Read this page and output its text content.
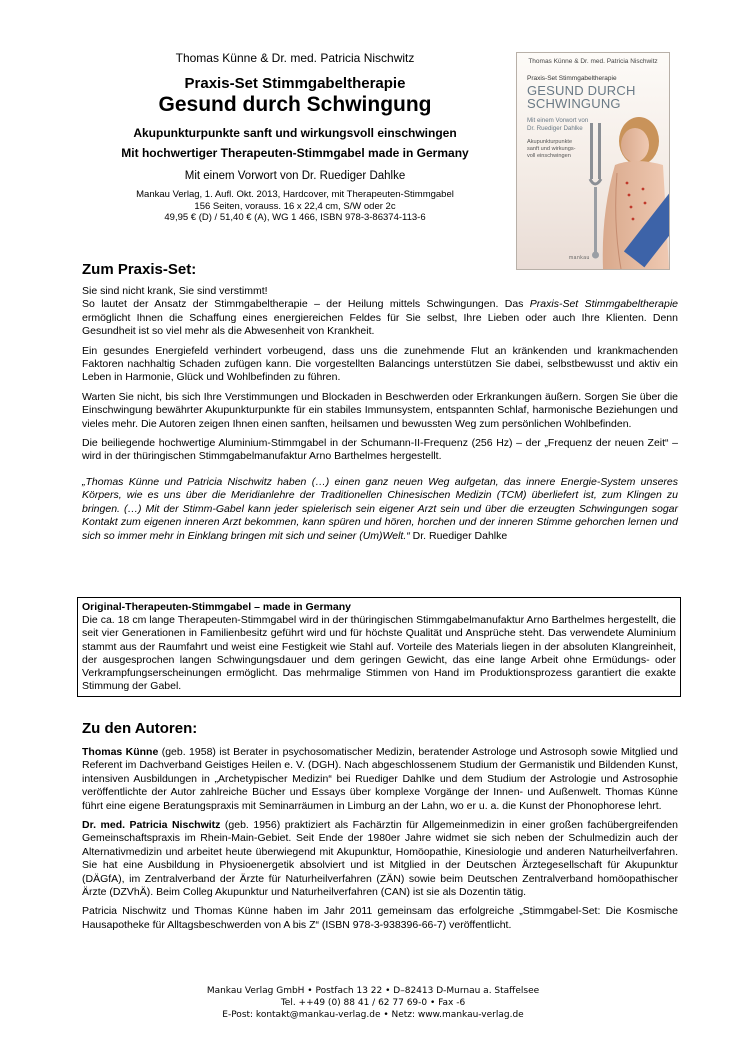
Thomas Künne & Dr. med. Patricia Nischwitz

Praxis-Set Stimmgabeltherapie

Gesund durch Schwingung

Akupunkturpunkte sanft und wirkungsvoll einschwingen

Mit hochwertiger Therapeuten-Stimmgabel made in Germany

Mit einem Vorwort von Dr. Ruediger Dahlke

Mankau Verlag, 1. Aufl. Okt. 2013, Hardcover, mit Therapeuten-Stimmgabel
156 Seiten, vorauss. 16 x 22,4 cm, S/W oder 2c
49,95 € (D) / 51,40 € (A), WG 1 466, ISBN 978-3-86374-113-6

Thomas Künne & Dr. med. Patricia Nischwitz
Praxis-Set Stimmgabeltherapie
GESUND DURCH
SCHWINGUNG
Mit einem Vorwort von
Dr. Ruediger Dahlke
Akupunkturpunkte
sanft und wirkungs-
voll einschwingen
mankau
Zum Praxis-Set:

Sie sind nicht krank, Sie sind verstimmt!

So lautet der Ansatz der Stimmgabeltherapie – der Heilung mittels Schwingungen. Das Praxis-Set Stimmgabeltherapie ermöglicht Ihnen die Schaffung eines energiereichen Feldes für Sie selbst, Ihre Lieben oder auch Ihre Klienten. Denn Gesundheit ist so viel mehr als die Abwesenheit von Krankheit.

Ein gesundes Energiefeld verhindert vorbeugend, dass uns die zunehmende Flut an kränkenden und krankmachenden Faktoren nachhaltig Schaden zufügen kann. Die vorgestellten Balancings unterstützen Sie dabei, selbstbewusst und aktiv ein Leben in Harmonie, Glück und Wohlbefinden zu führen.

Warten Sie nicht, bis sich Ihre Verstimmungen und Blockaden in Beschwerden oder Erkrankungen äußern. Sorgen Sie über die Einschwingung bewährter Akupunkturpunkte für ein stabiles Immunsystem, entspannten Schlaf, harmonische Beziehungen und vieles mehr. Die Autoren zeigen Ihnen einen sanften, heilsamen und bewussten Weg zum persönlichen Wohlbefinden.

Die beiliegende hochwertige Aluminium-Stimmgabel in der Schumann-II-Frequenz (256 Hz) – der „Frequenz der neuen Zeit“ – wird in der thüringischen Stimmgabelmanufaktur Arno Barthelmes hergestellt.

„Thomas Künne und Patricia Nischwitz haben (…) einen ganz neuen Weg aufgetan, das innere Energie-System unseres Körpers, wie es uns über die Meridianlehre der Traditionellen Chinesischen Medizin (TCM) überliefert ist, zum Klingen zu bringen. (…) Mit der Stimm-Gabel kann jeder spielerisch sein eigener Arzt sein und über die erzeugten Schwingungen sogar Kontakt zum eigenen inneren Arzt bekommen, kann spüren und hören, horchen und der inneren Stimme gehorchen lernen und sich so immer mehr in Einklang bringen mit sich und seiner (Um)Welt.“ Dr. Ruediger Dahlke

Original-Therapeuten-Stimmgabel – made in Germany

Die ca. 18 cm lange Therapeuten-Stimmgabel wird in der thüringischen Stimmgabelmanufaktur Arno Barthelmes hergestellt, die seit vier Generationen in Familienbesitz geführt wird und für höchste Qualität und Ansprüche steht. Das verwendete Aluminium stammt aus der Raumfahrt und weist eine Festigkeit wie Stahl auf. Vorteile des Materials liegen in der absoluten Klangreinheit, der ausgesprochen langen Schwingungsdauer und dem geringen Gewicht, das eine lange Arbeit ohne Ermüdungs- oder Verkrampfungserscheinungen ermöglicht. Das mehrmalige Stimmen von Hand im Produktionsprozess garantiert die exakte Stimmung der Gabel.

Zu den Autoren:

Thomas Künne (geb. 1958) ist Berater in psychosomatischer Medizin, beratender Astrologe und Astrosoph sowie Mitglied und Referent im Dachverband Geistiges Heilen e. V. (DGH). Nach abgeschlossenem Studium der Germanistik und Bildenden Kunst, intensiven Ausbildungen in „Archetypischer Medizin“ bei Ruediger Dahlke und dem Studium der Astrologie und Astrosophie veröffentlichte der Autor zahlreiche Bücher und Essays über komplexe Vorgänge der Innen- und Außenwelt. Thomas Künne führt eine eigene Beratungspraxis mit Seminarräumen in Limburg an der Lahn, wo er u. a. die Kunst der Phonophorese lehrt.

Dr. med. Patricia Nischwitz (geb. 1956) praktiziert als Fachärztin für Allgemeinmedizin in einer großen fachübergreifenden Gemeinschaftspraxis im Rhein-Main-Gebiet. Seit Ende der 1980er Jahre widmet sie sich neben der Schulmedizin auch der Alternativmedizin und arbeitet heute überwiegend mit Akupunktur, Homöopathie, Kinesiologie und anderen Naturheilverfahren. Sie hat eine Ausbildung in Physioenergetik absolviert und ist Mitglied in der Deutschen Ärztegesellschaft für Akupunktur (DÄGfA), im Zentralverband der Ärzte für Naturheilverfahren (ZÄN) sowie beim Deutschen Zentralverband homöopathischer Ärzte (DZVhÄ). Beim Colleg Akupunktur und Naturheilverfahren (CAN) ist sie als Dozentin tätig.

Patricia Nischwitz und Thomas Künne haben im Jahr 2011 gemeinsam das erfolgreiche „Stimmgabel-Set: Die Kosmische Hausapotheke für Alltagsbeschwerden von A bis Z“ (ISBN 978-3-938396-66-7) veröffentlicht.

Mankau Verlag GmbH • Postfach 13 22 • D–82413 D-Murnau a. Staffelsee

Tel. ++49 (0) 88 41 / 62 77 69-0 • Fax -6

E-Post: kontakt@mankau-verlag.de • Netz: www.mankau-verlag.de
